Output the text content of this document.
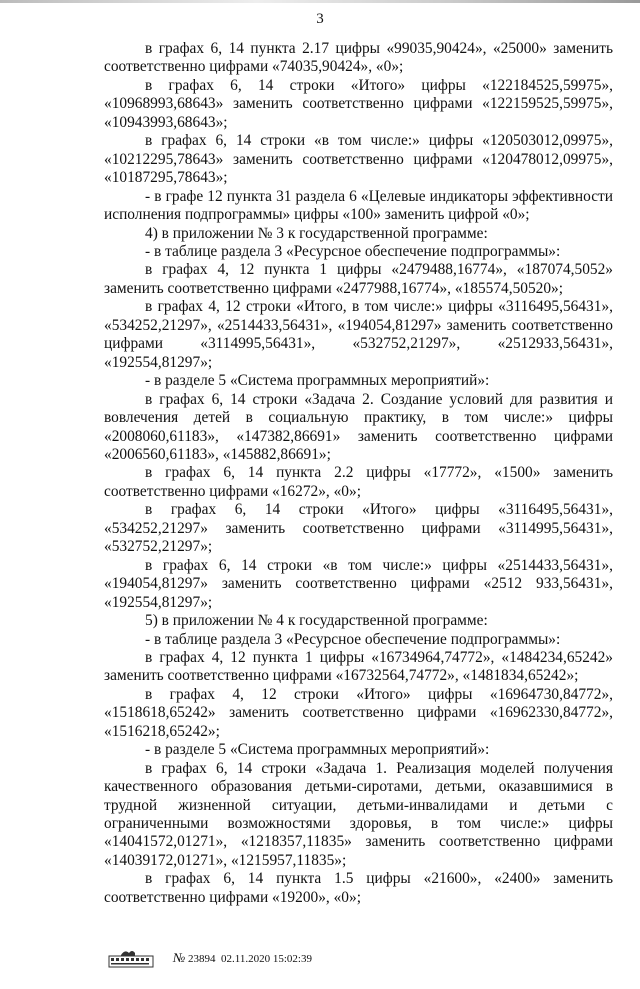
3

в графах 6, 14 пункта 2.17 цифры «99035,90424», «25000» заменить соответственно цифрами «74035,90424», «0»;

в графах 6, 14 строки «Итого» цифры «122184525,59975», «10968993,68643» заменить соответственно цифрами «122159525,59975», «10943993,68643»;

в графах 6, 14 строки «в том числе:» цифры «120503012,09975», «10212295,78643» заменить соответственно цифрами «120478012,09975», «10187295,78643»;

- в графе 12 пункта 31 раздела 6 «Целевые индикаторы эффективности исполнения подпрограммы» цифры «100» заменить цифрой «0»;

4) в приложении № 3 к государственной программе:

- в таблице раздела 3 «Ресурсное обеспечение подпрограммы»:

в графах 4, 12 пункта 1 цифры «2479488,16774», «187074,5052» заменить соответственно цифрами «2477988,16774», «185574,50520»;

в графах 4, 12 строки «Итого, в том числе:» цифры «3116495,56431», «534252,21297», «2514433,56431», «194054,81297» заменить соответственно цифрами «3114995,56431», «532752,21297», «2512933,56431», «192554,81297»;

- в разделе 5 «Система программных мероприятий»:

в графах 6, 14 строки «Задача 2. Создание условий для развития и вовлечения детей в социальную практику, в том числе:» цифры «2008060,61183», «147382,86691» заменить соответственно цифрами «2006560,61183», «145882,86691»;

в графах 6, 14 пункта 2.2 цифры «17772», «1500» заменить соответственно цифрами «16272», «0»;

в графах 6, 14 строки «Итого» цифры «3116495,56431», «534252,21297» заменить соответственно цифрами «3114995,56431», «532752,21297»;

в графах 6, 14 строки «в том числе:» цифры «2514433,56431», «194054,81297» заменить соответственно цифрами «2512 933,56431», «192554,81297»;

5) в приложении № 4 к государственной программе:

- в таблице раздела 3 «Ресурсное обеспечение подпрограммы»:

в графах 4, 12 пункта 1 цифры «16734964,74772», «1484234,65242» заменить соответственно цифрами «16732564,74772», «1481834,65242»;

в графах 4, 12 строки «Итого» цифры «16964730,84772», «1518618,65242» заменить соответственно цифрами «16962330,84772», «1516218,65242»;

- в разделе 5 «Система программных мероприятий»:

в графах 6, 14 строки «Задача 1. Реализация моделей получения качественного образования детьми-сиротами, детьми, оказавшимися в трудной жизненной ситуации, детьми-инвалидами и детьми с ограниченными возможностями здоровья, в том числе:» цифры «14041572,01271», «1218357,11835» заменить соответственно цифрами «14039172,01271», «1215957,11835»;

в графах 6, 14 пункта 1.5 цифры «21600», «2400» заменить соответственно цифрами «19200», «0»;

№ 23894 02.11.2020 15:02:39
